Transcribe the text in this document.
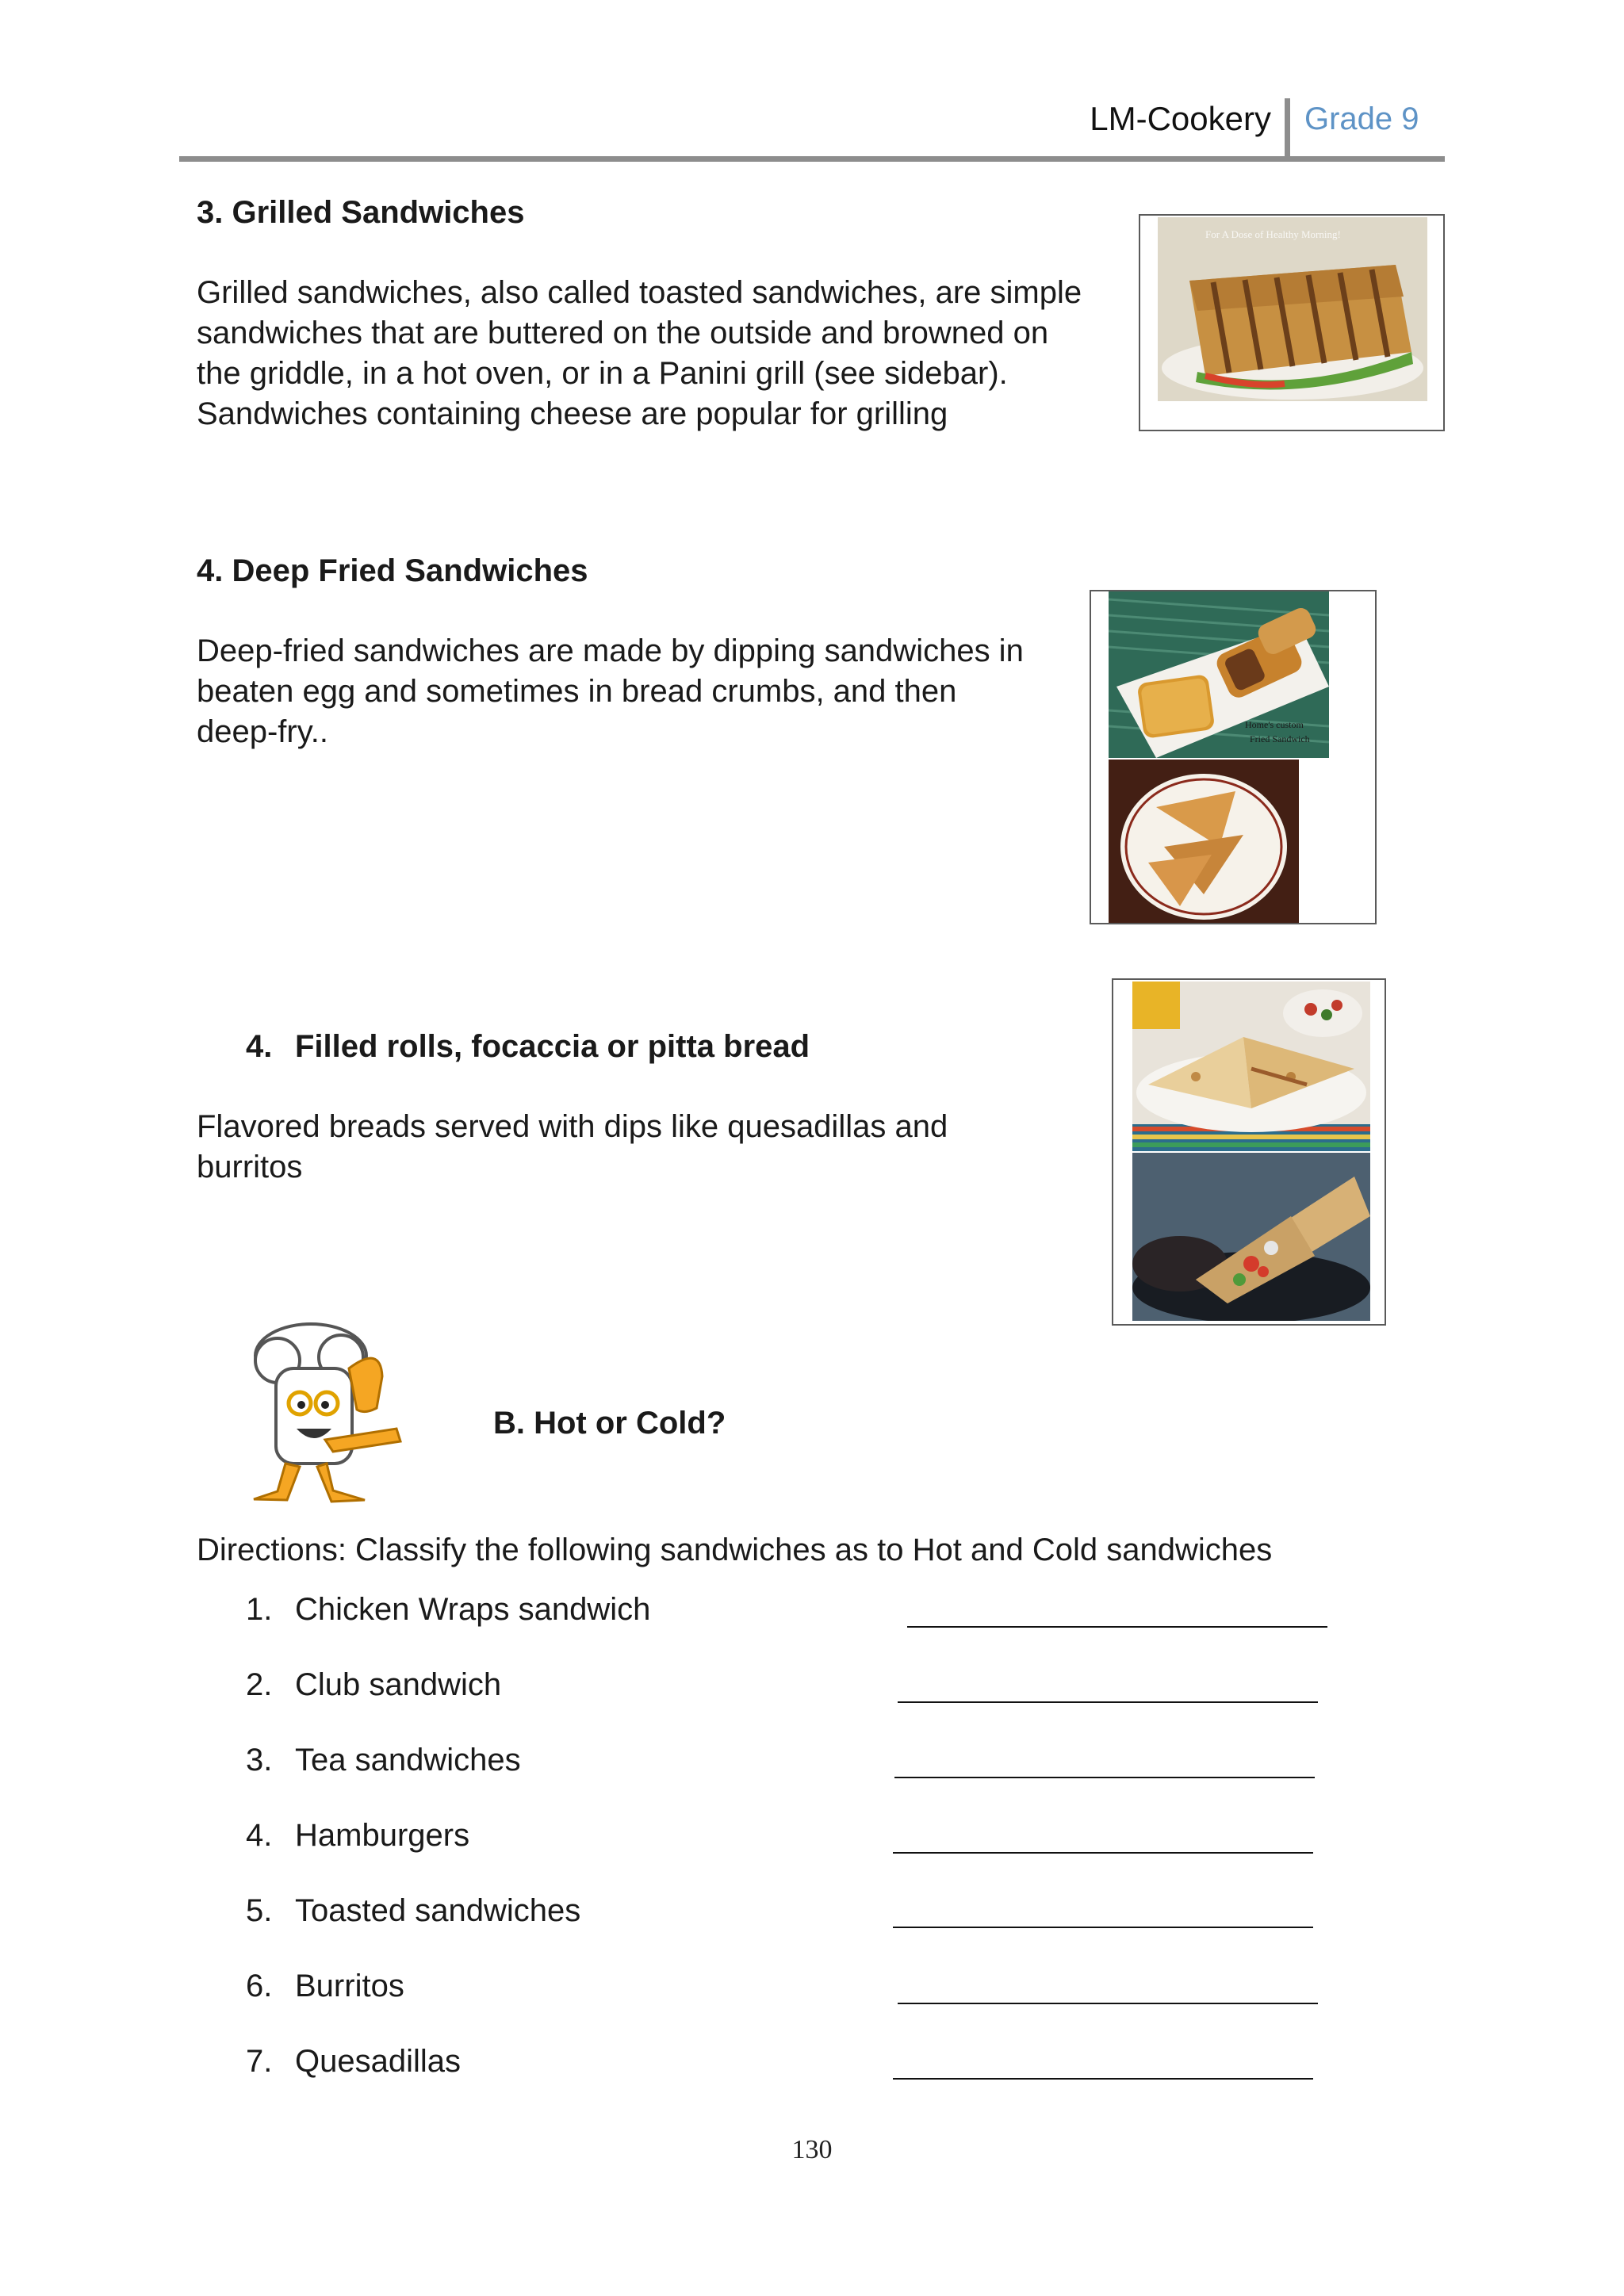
LM-Cookery Grade 9
3. Grilled Sandwiches
Grilled sandwiches, also called toasted sandwiches, are simple
sandwiches that are buttered on the outside and browned on
the griddle, in a hot oven, or in a Panini grill (see sidebar).
Sandwiches containing cheese are popular for grilling
For A Dose of Healthy Morning!
4. Deep Fried Sandwiches
Deep-fried sandwiches are made by dipping sandwiches in
beaten egg and sometimes in bread crumbs, and then
deep-fry..	Home's custom
Fried Sandwich
4. Filled rolls, focaccia or pitta bread
Flavored breads served with dips like quesadillas and
burritos
B. Hot or Cold?
Directions: Classify the following sandwiches as to Hot and Cold sandwiches
1. Chicken Wraps sandwich
2. Club sandwich
3. Tea sandwiches
4. Hamburgers
5. Toasted sandwiches
6. Burritos
7. Quesadillas
130
